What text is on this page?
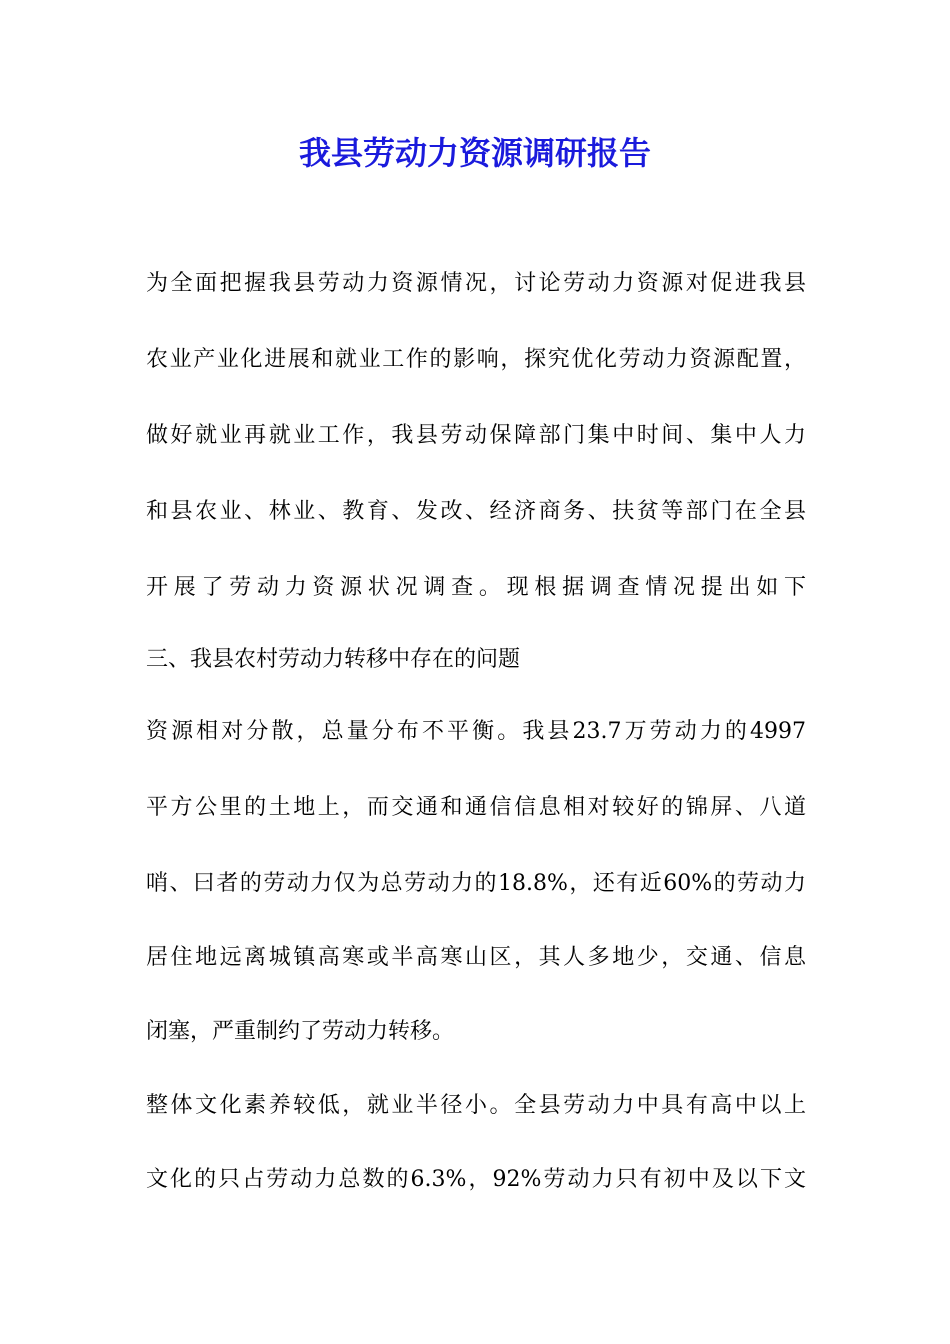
我县劳动力资源调研报告
为全面把握我县劳动力资源情况，讨论劳动力资源对促进我县
农业产业化进展和就业工作的影响，探究优化劳动力资源配置，
做好就业再就业工作，我县劳动保障部门集中时间、集中人力
和县农业、林业、教育、发改、经济商务、扶贫等部门在全县
开展了劳动力资源状况调查。现根据调查情况提出如下
三、我县农村劳动力转移中存在的问题
资源相对分散，总量分布不平衡。我县23.7万劳动力的4997
平方公里的土地上，而交通和通信信息相对较好的锦屏、八道
哨、曰者的劳动力仅为总劳动力的18.8%，还有近60%的劳动力
居住地远离城镇高寒或半高寒山区，其人多地少，交通、信息
闭塞，严重制约了劳动力转移。
整体文化素养较低，就业半径小。全县劳动力中具有高中以上
文化的只占劳动力总数的6.3%，92%劳动力只有初中及以下文
